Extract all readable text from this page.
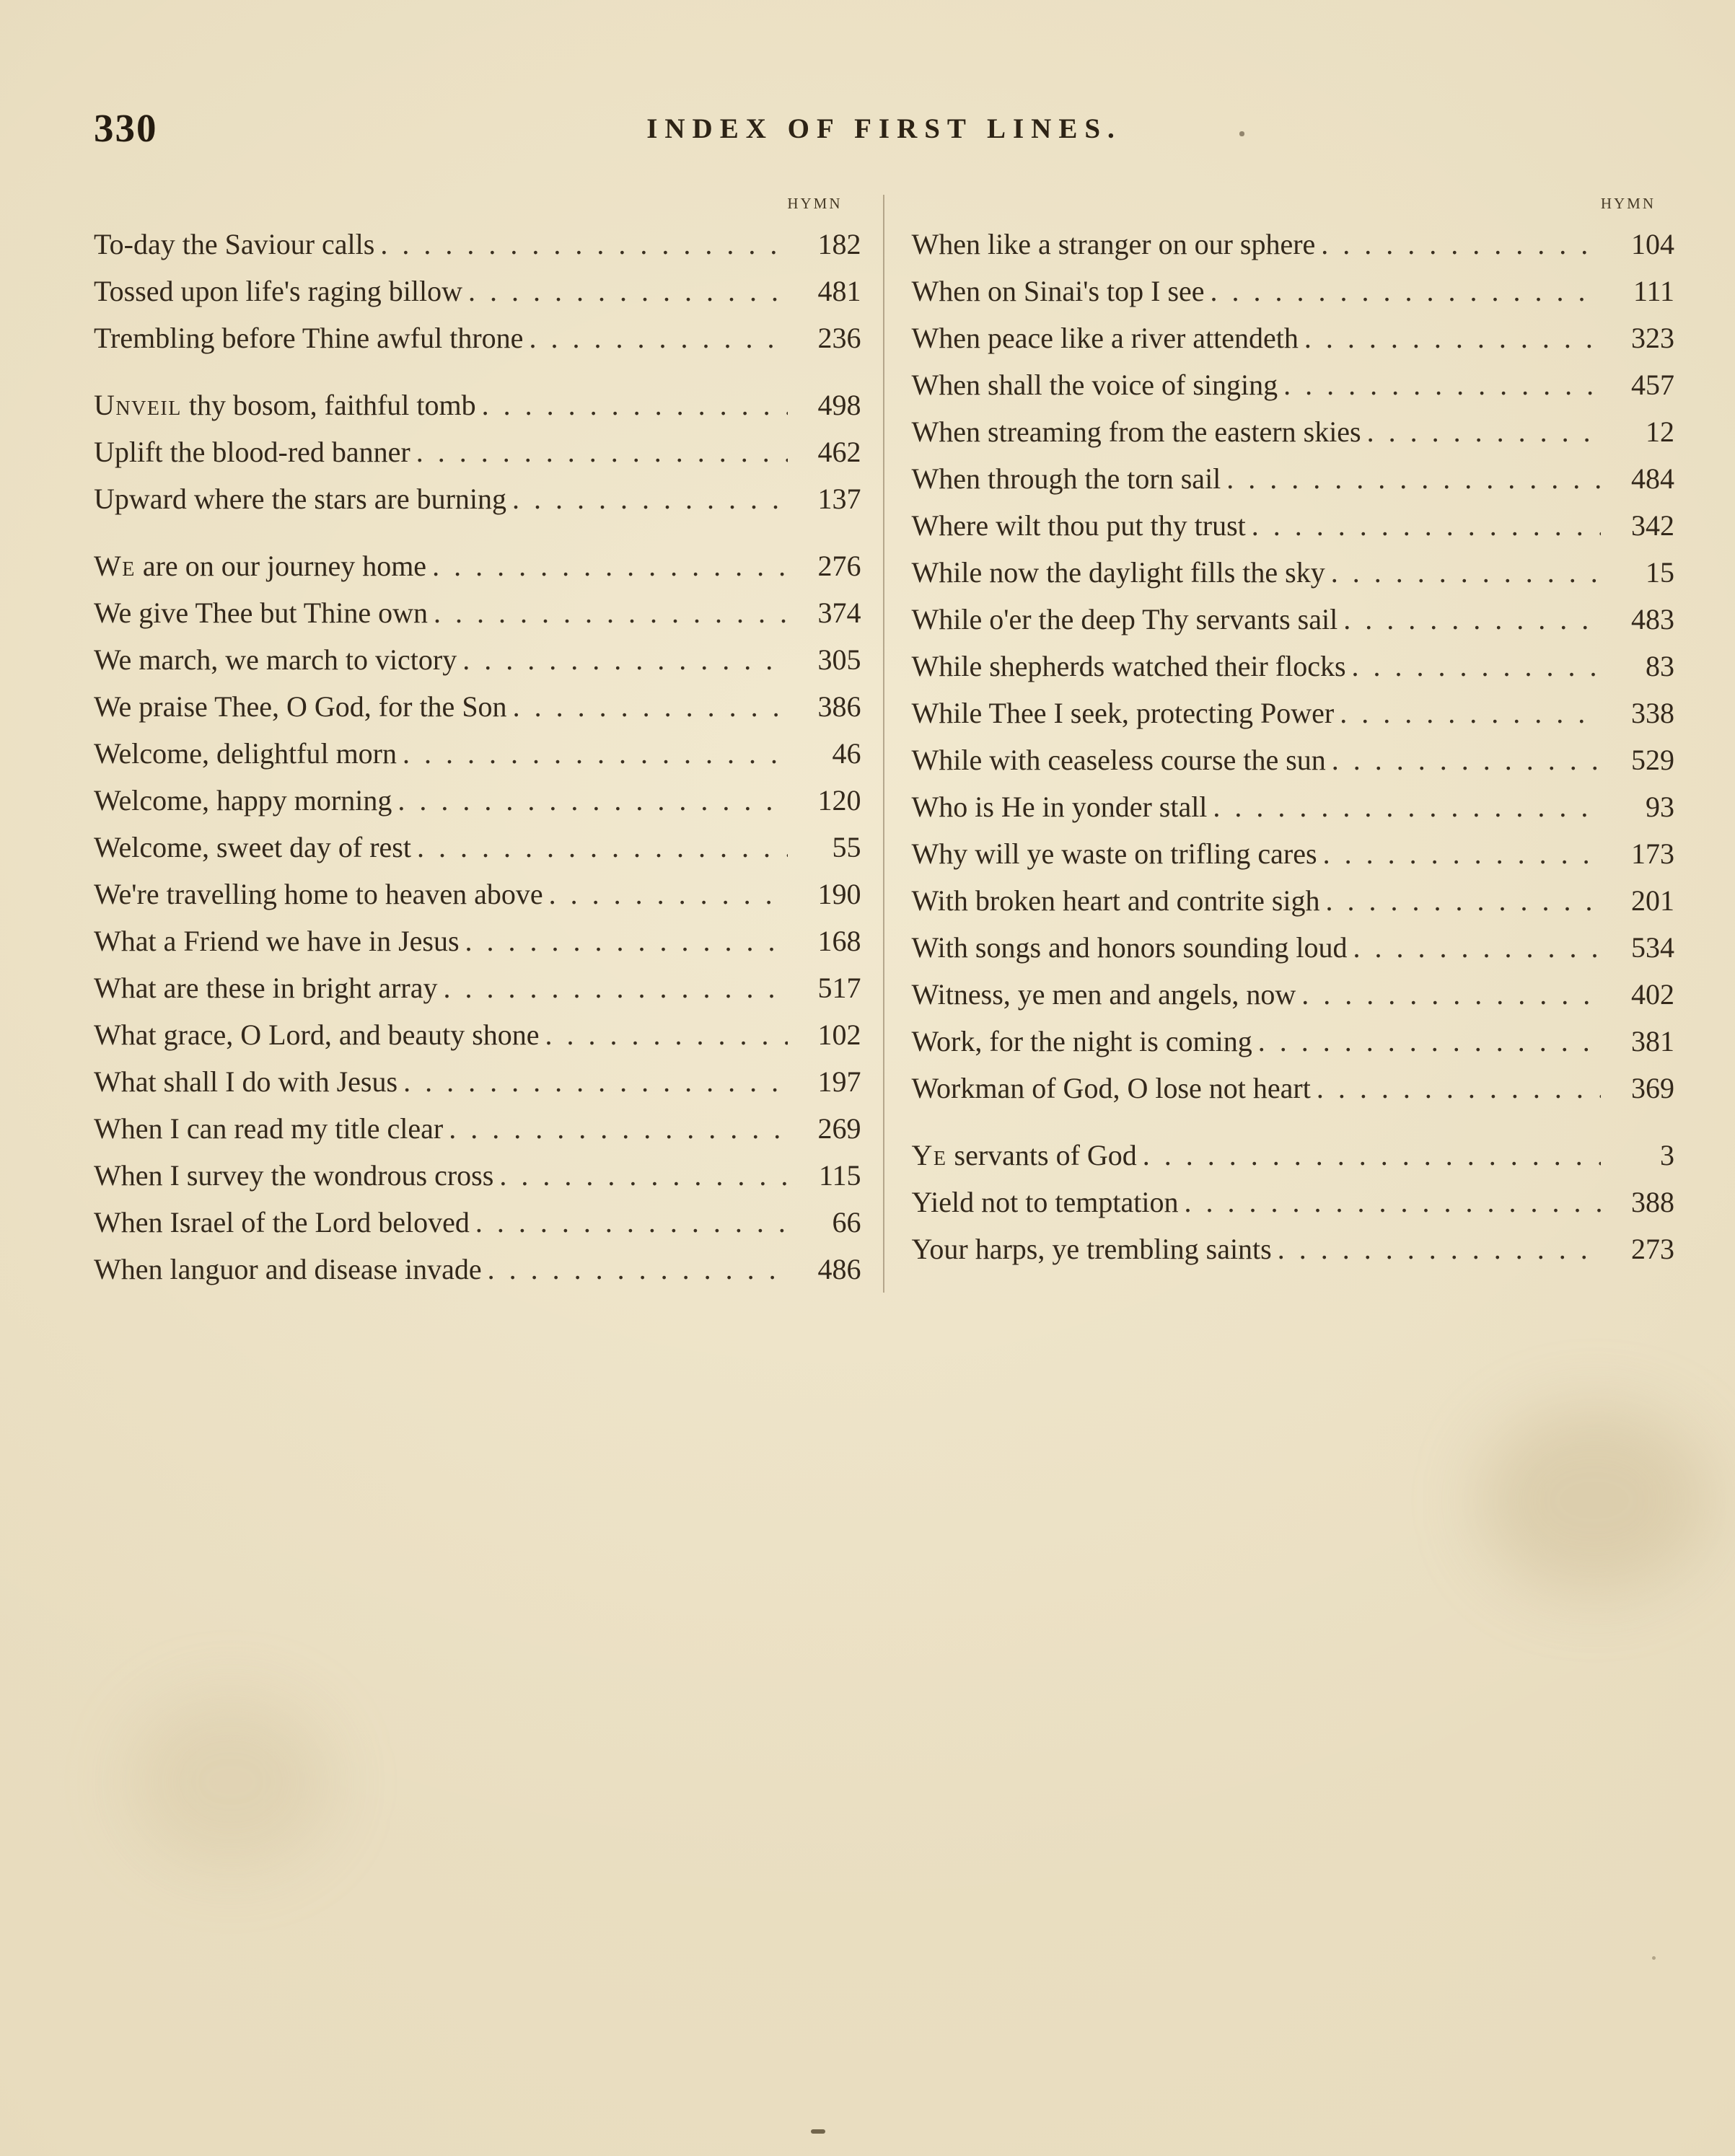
330	INDEX OF FIRST LINES.
HYMN
To-day the Saviour calls . . .	182
Tossed upon life's raging billow . . .	481
Trembling before Thine awful throne . . .	236
Unveil thy bosom, faithful tomb . . .	498
Uplift the blood-red banner . . .	462
Upward where the stars are burning . . .	137
We are on our journey home . . .	276
We give Thee but Thine own . . .	374
We march, we march to victory . . .	305
We praise Thee, O God, for the Son . . .	386
Welcome, delightful morn . . .	46
Welcome, happy morning . . .	120
Welcome, sweet day of rest . . .	55
We're travelling home to heaven above . . .	190
What a Friend we have in Jesus . . .	168
What are these in bright array . . .	517
What grace, O Lord, and beauty shone . . .	102
What shall I do with Jesus . . .	197
When I can read my title clear . . .	269
When I survey the wondrous cross . . .	115
When Israel of the Lord beloved . . .	66
When languor and disease invade . . .	486
HYMN
When like a stranger on our sphere . . .	104
When on Sinai's top I see . . .	111
When peace like a river attendeth . . .	323
When shall the voice of singing . . .	457
When streaming from the eastern skies . . .	12
When through the torn sail . . .	484
Where wilt thou put thy trust . . .	342
While now the daylight fills the sky . . .	15
While o'er the deep Thy servants sail . . .	483
While shepherds watched their flocks . . .	83
While Thee I seek, protecting Power . . .	338
While with ceaseless course the sun . . .	529
Who is He in yonder stall . . .	93
Why will ye waste on trifling cares . . .	173
With broken heart and contrite sigh . . .	201
With songs and honors sounding loud . . .	534
Witness, ye men and angels, now . . .	402
Work, for the night is coming . . .	381
Workman of God, O lose not heart . . .	369
Ye servants of God . . .	3
Yield not to temptation . . .	388
Your harps, ye trembling saints . . .	273
